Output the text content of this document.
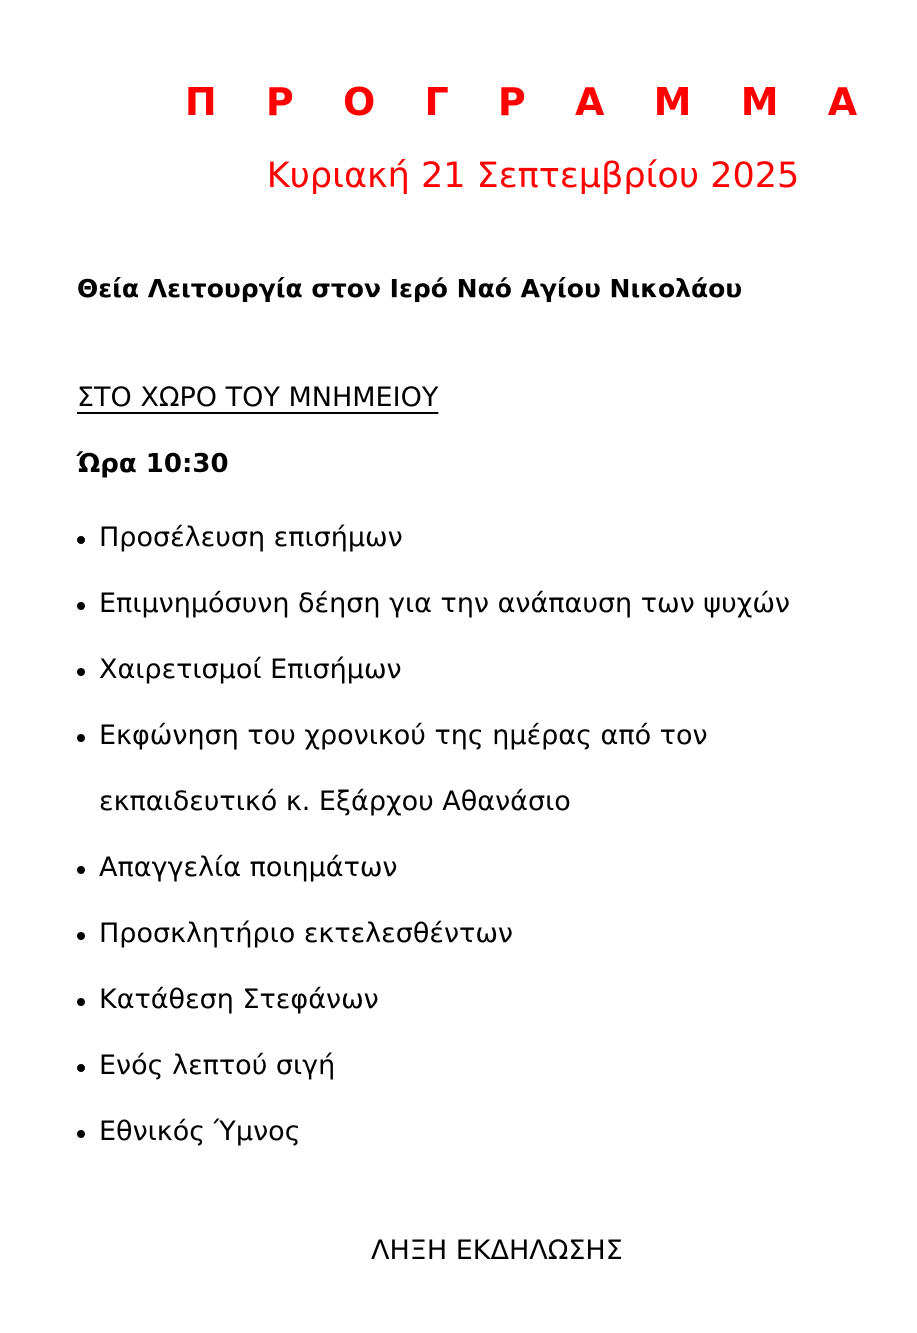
Π Ρ Ο Γ Ρ Α Μ Μ Α
Κυριακή 21 Σεπτεμβρίου 2025
Θεία Λειτουργία στον Ιερό Ναό Αγίου Νικολάου
ΣΤΟ ΧΩΡΟ ΤΟΥ ΜΝΗΜΕΙΟΥ
Ώρα 10:30
Προσέλευση επισήμων
Επιμνημόσυνη δέηση για την ανάπαυση των ψυχών
Χαιρετισμοί Επισήμων
Εκφώνηση του χρονικού της ημέρας από τον
εκπαιδευτικό κ. Εξάρχου Αθανάσιο
Απαγγελία ποιημάτων
Προσκλητήριο εκτελεσθέντων
Κατάθεση Στεφάνων
Ενός λεπτού σιγή
Εθνικός Ύμνος
ΛΗΞΗ ΕΚΔΗΛΩΣΗΣ
